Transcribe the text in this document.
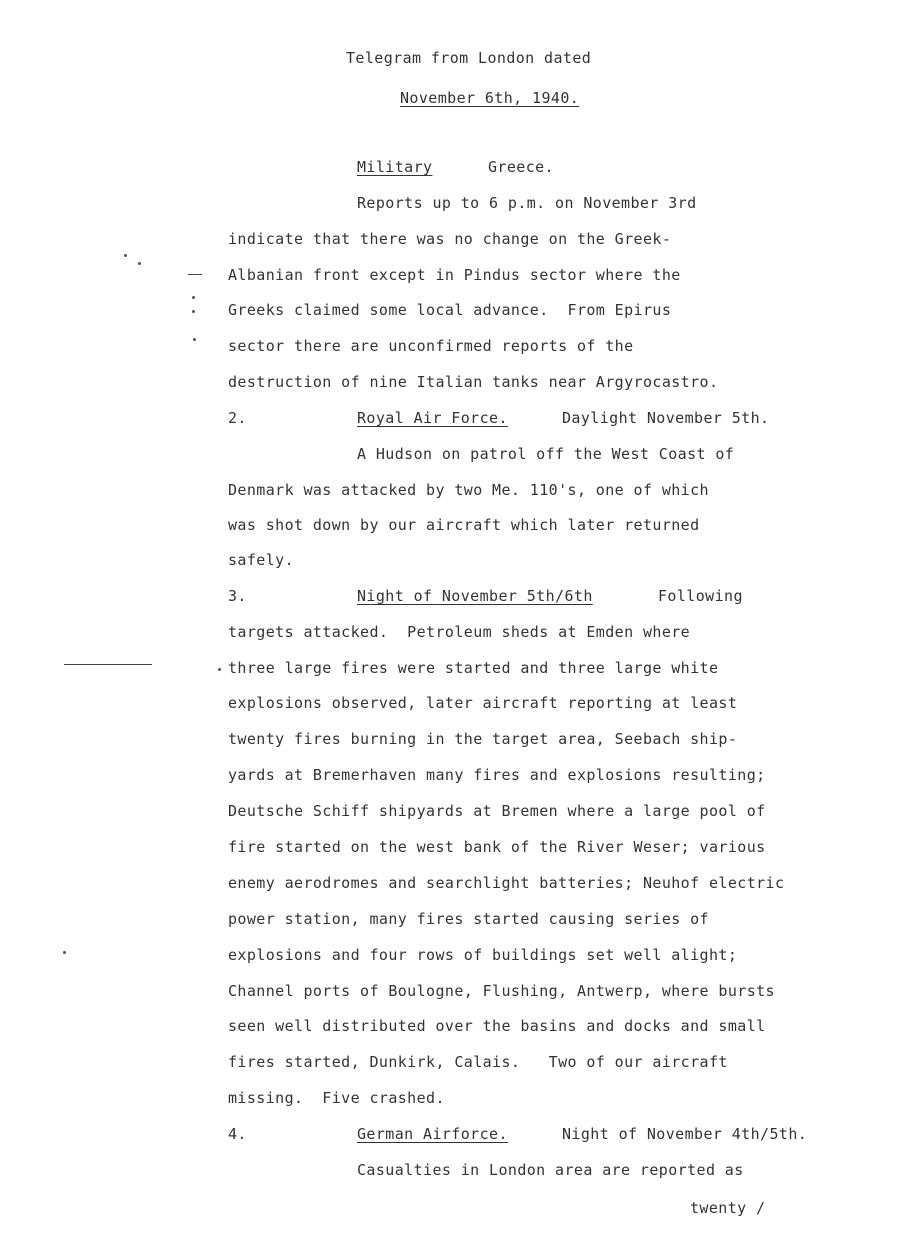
Telegram from London dated
November 6th, 1940.
Military	Greece.
Reports up to 6 p.m. on November 3rd
indicate that there was no change on the Greek-
Albanian front except in Pindus sector where the
Greeks claimed some local advance.  From Epirus
sector there are unconfirmed reports of the
destruction of nine Italian tanks near Argyrocastro.
2.	Royal Air Force.	Daylight November 5th.
A Hudson on patrol off the West Coast of
Denmark was attacked by two Me. 110's, one of which
was shot down by our aircraft which later returned
safely.
3.	Night of November 5th/6th	Following
targets attacked.  Petroleum sheds at Emden where
three large fires were started and three large white
explosions observed, later aircraft reporting at least
twenty fires burning in the target area, Seebach ship-
yards at Bremerhaven many fires and explosions resulting;
Deutsche Schiff shipyards at Bremen where a large pool of
fire started on the west bank of the River Weser; various
enemy aerodromes and searchlight batteries; Neuhof electric
power station, many fires started causing series of
explosions and four rows of buildings set well alight;
Channel ports of Boulogne, Flushing, Antwerp, where bursts
seen well distributed over the basins and docks and small
fires started, Dunkirk, Calais.   Two of our aircraft
missing.  Five crashed.
4.	German Airforce.	Night of November 4th/5th.
Casualties in London area are reported as
twenty /
